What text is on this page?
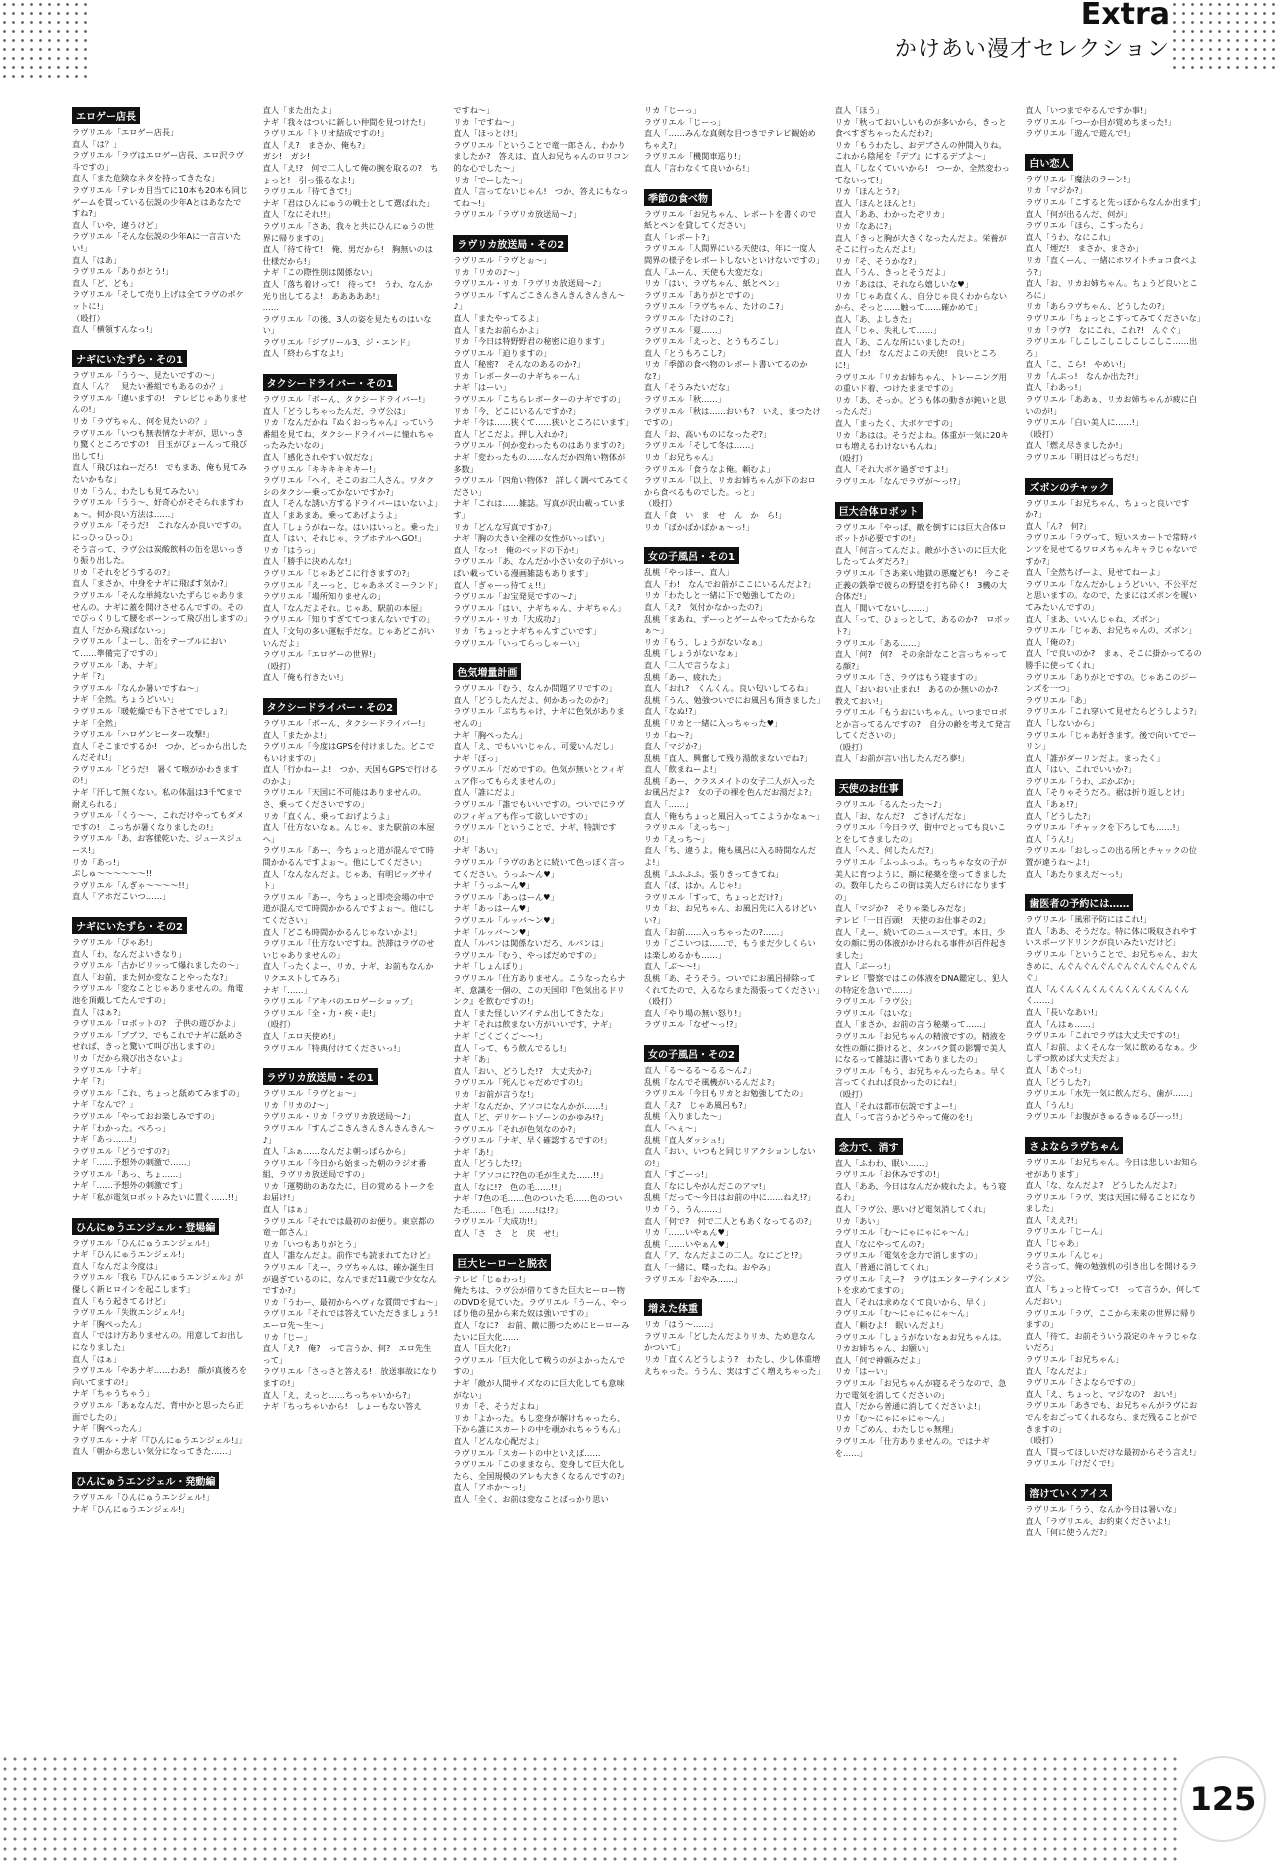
Extra
かけあい漫才セレクション
エロゲー店長
ラヴリエル「エロゲー店長」
直人「は？」
ラヴリエル「ラヴはエロゲー店長、エロ沢ラヴ斗ですの」
直人「また危険なネタを持ってきたな」
ラヴリエル「テレカ目当てに10本も20本も同じゲームを買っている伝説の少年Aとはあなたですね?」
直人「いや、違うけど」
ラヴリエル「そんな伝説の少年Aに一言言いたい!」
直人「はあ」
ラヴリエル「ありがとう!」
直人「ど、ども」
ラヴリエル「そして売り上げは全てラヴのポケットに!」
（殴打）
直人「横領すんなっ!」
ナギにいたずら・その1
ラヴリエル「うう～、見たいですの～」
直人「ん？　見たい番組でもあるのか？」
ラヴリエル「違いますの!　テレビじゃありませんの!」
リカ「ラヴちゃん、何を見たいの？」
ラヴリエル「いつも無表情なナギが、思いっきり驚くところですの!　目玉がぴょーんって飛び出して!」
直人「飛びはねーだろ!　でもまあ、俺も見てみたいかもな」
リカ「うん、わたしも見てみたい」
ラヴリエル「うう～、好奇心がそそられますわぁ～。何か良い方法は……」
ラヴリエル「そうだ!　これなんか良いですの。にっひっひっひ」
そう言って、ラヴ公は炭酸飲料の缶を思いっきり振り出した。
リカ「それをどうするの?」
直人「まさか、中身をナギに飛ばす気か?」
ラヴリエル「そんな単純ないたずらじゃありませんの。ナギに蓋を開けさせるんですの。そのでびっくりして腰をポーンって飛び出しますの」
直人「だから飛ばないっ」
ラヴリエル「よーし、缶をテーブルにおいて……準備完了ですの」
ラヴリエル「あ、ナギ」
ナギ「?」
ラヴリエル「なんか暑いですね～」
ナギ「全然。ちょうどいい」
ラヴリエル「暖乾燥でも下させてでしょ?」
ナギ「全然」
ラヴリエル「ハロゲンヒーター攻撃!」
直人「そこまでするか!　つか、どっから出したんだそれ!」
ラヴリエル「どうだ!　暑くて喉がかわきますの!」
ナギ「汗して無くない。私の体温は3千℃まで耐えられる」
ラヴリエル「くう～～、これだけやってもダメですの!　こっちが暑くなりましたの!」
ラヴリエル「あ、お客様乾いた、ジュースジュース!」
リカ「あっ!」
ぷしゅ～～～～～～!!
ラヴリエル「んぎゃ～～～～!!」
直人「アホだこいつ……」
ナギにいたずら・その2
ラヴリエル「ぴゃあ!」
直人「わ、なんだよいきなり」
ラヴリエル「古かビリッって爆れましたの～」
直人「お前、また何か変なことやったな?」
ラヴリエル「変なことじゃありませんの。角電池を頂戴してたんですの」
直人「はぁ?」
ラヴリエル「ロボットの?　子供の遊びかよ」
ラヴリエル「ププフ、でもこれでナギに舐めさせれば、きっと驚いて叫び出しますの」
リカ「だから飛び出さないよ」
ラヴリエル「ナギ」
ナギ「?」
ラヴリエル「これ、ちょっと舐めてみますの」
ナギ「なんで？」
ラヴリエル「やっておお楽しみですの」
ナギ「わかった。ぺろっ」
ナギ「あっ……!」
ラヴリエル「どうですの?」
ナギ「……予想外の刺激で……」
ラヴリエル「あっ、ちょ……」
ナギ「……予想外の刺激です」
ナギ「私が電気ロボットみたいに置く……!!」
ひんにゅうエンジェル・登場編
ラヴリエル「ひんにゅうエンジェル!」
ナギ「ひんにゅうエンジェル!」
直人「なんだよ今度は」
ラヴリエル「我ら『ひんにゅうエンジェル』が優しく新ヒロインを起こします」
直人「もう起きてるけど」
ラヴリエル「失敗エンジェル!」
ナギ「胸ぺったん」
直人「ではけ方ありませんの。用意してお出しになりました」
直人「はぁ」
ラヴリエル「やあナギ……わあ!　顔が真後ろを向いてますの!」
ナギ「ちゃうちゃう」
ラヴリエル「あぁなんだ、背中かと思ったら正面でしたの」
ナギ「胸ぺったん」
ラヴリエル・ナギ「『ひんにゅうエンジェル!』」
直人「朝から悲しい気分になってきた……」
ひんにゅうエンジェル・発動編
ラヴリエル「ひんにゅうエンジェル!」
ナギ「ひんにゅうエンジェル!」
直人「また出たよ」
ナギ「我々はついに新しい仲間を見つけた!」
ラヴリエル「トリオ結成ですの!」
直人「え?　まさか、俺も?」
ガシ!　ガシ!
直人「え!?　何で二人して俺の腕を取るの?　ちょっと!　引っ張るなよ!」
ラヴリエル「待てきて!」
ナギ「君はひんにゅうの戦士として選ばれた」
直人「なにそれ!!」
ラヴリエル「さあ、我々と共にひんにゅうの世界に帰りますの」
直人「待て待て!　俺、男だから!　胸無いのは仕様だから!」
ナギ「この際性別は関係ない」
直人「落ち着けって!　待って!　うわ、なんか光り出してるよ!　あああああ!」
……
ラヴリエル「の後、3人の姿を見たものはいない」
ラヴリエル「ジブリール3、ジ・エンド」
直人「終わらすなよ!」
タクシードライバー・その1
ラヴリエル「ボーん、タクシードライバー!」
直人「どうしちゃったんだ、ラヴ公は」
リカ「なんだかね『ぬくおっちゃん』っていう番組を見てね、タクシードライバーに憧れちゃったみたいなの」
直人「感化されやすい奴だな」
ラヴリエル「キキキキキキー!」
ラヴリエル「ヘイ、そこのお二人さん。ワタクシのタクシー乗ってかないですか?」
直人「そんな誘い方するドライバーはいないよ」
直人「まあまあ。乗ってあげようよ」
直人「しょうがねーな。はいはいっと。乗った」
直人「はい、それじゃ、ラブホテルへGO!」
リカ「はうっ」
直人「勝手に決めんな!」
ラヴリエル「じゃあどこに行きますの?」
ラヴリエル「えーっと、じゃあネズミーランド」
ラヴリエル「場所知りませんの」
直人「なんだよそれ。じゃあ、駅前の本屋」
ラヴリエル「知りすぎててつまんないですの」
直人「文句の多い運転手だな。じゃあどこがいいんだよ」
ラヴリエル「エロゲーの世界!」
（殴打）
直人「俺も行きたい!」
タクシードライバー・その2
ラヴリエル「ボーん、タクシードライバー!」
直人「またかよ!」
ラヴリエル「今度はGPSを付けました。どこでもいけますの」
直人「行かねーよ!　つか、天国もGPSで行けるのかよ」
ラヴリエル「天国に不可能はありませんの。さ、乗ってくださいですの」
リカ「直くん、乗っておげようよ」
直人「仕方ないなぁ。んじゃ、また駅前の本屋へ」
ラヴリエル「あー、今ちょっと道が混んでて時間かかるんですよぉ～。他にしてください」
直人「なんなんだよ。じゃあ、有明ビッグサイト」
ラヴリエル「あー、今ちょっと即売会場の中で道が混んでて時間かかるんですよぉ～。他にしてください」
直人「どこも時間かかるんじゃないかよ!」
ラヴリエル「仕方ないですね。渋滞はラヴのせいじゃありませんの」
直人「ったくよー、リカ、ナギ、お前もなんかリクエストしてみろ」
ナギ「……」
ラヴリエル「アキバのエロゲーショップ」
ラヴリエル「全・力・疾・走!」
（殴打）
直人「エロ天使め!」
ラヴリエル「特典付けてくださいっ!」
ラヴリカ放送局・その1
ラヴリエル「ラヴとぉ～」
リカ「リカの♪～」
ラヴリエル・リカ「ラヴリカ放送局～♪」
ラヴリエル「すんごこきんきんきんきんきん～♪」
直人「ふぁ……なんだよ朝っぱらから」
ラヴリエル「今日から始まった朝のラジオ番組、ラヴリカ放送局ですの」
リカ「運勢助のあなたに、目の覚めるトークをお届け!」
直人「はぁ」
ラヴリエル「それでは最初のお便り。東京都の竜一郎さん」
リカ「いつもありがとう」
直人「誰なんだよ。前作でも読まれてたけど」
ラヴリエル「えー、ラヴちゃんは、確か誕生日が過ぎているのに、なんでまだ11歳で少女なんですか?」
リカ「うわー、最初からヘヴィな質問ですね～」
ラヴリエル「それでは答えていただきましょう!　エーロ先～生～」
リカ「じー」
直人「え?　俺?　って言うか、何?　エロ先生って」
ラヴリエル「さっさと答える!　放送事故になりますの!」
直人「え、えっと……ちっちゃいから?」
ナギ「ちっちゃいから!　しょーもない答え
ですね～」
リカ「ですね～」
直人「ほっとけ!」
ラヴリエル「ということで竜一郎さん、わかりましたか?　答えは、直人お兄ちゃんのロリコン的な心でした～」
リカ「でーした～」
直人「言ってないじゃん!　つか、答えにもなってね～!」
ラヴリエル「ラヴリカ放送局～♪」
ラヴリカ放送局・その2
ラヴリエル「ラヴとぉ～」
リカ「リカの♪～」
ラヴリエル・リカ「ラヴリカ放送局～♪」
ラヴリエル「すんごこきんきんきんきんきん～♪」
直人「またやってるよ」
直人「またお前らかよ」
リカ「今日は特野野君の秘密に迫ります」
ラヴリエル「迫りますの」
直人「秘密?　そんなのあるのか?」
リカ「レポーターのナギちゃーん」
ナギ「はーい」
ラヴリエル「こちらレポーターのナギですの」
リカ「今、どこにいるんですか?」
ナギ「今は……狭くて……狭いところにいます」
直人「どこだよ。押し入れか?」
ラヴリエル「何か変わったものはありますの?」
ナギ「変わったもの……なんだか四角い物体が多数」
ラヴリエル「四角い物体?　詳しく調べてみてください」
ナギ「これは……雑誌。写真が沢山載っています」
リカ「どんな写真ですか?」
ナギ「胸の大きい全裸の女性がいっぱい」
直人「なっ!　俺のベッドの下か!」
ラヴリエル「あ、なんだか小さい女の子がいっぱい載っている漫画雑誌もあります」
直人「ぎゃーっ待てぇ!!」
ラヴリエル「お宝発見ですの～♪」
ラヴリエル「はい、ナギちゃん、ナギちゃん」
ラヴリエル・リカ「大成功♪」
リカ「ちょっとナギちゃんすごいです」
ラヴリエル「いってらっしゃーい」
色気増量計画
ラヴリエル「むう、なんか問題アリですの」
直人「どうしたんだよ、何かあったのか?」
ラヴリエル「ぷちちゃけ、ナギに色気がありませんの」
ナギ「胸ぺったん」
直人「え、でもいいじゃん、可愛いんだし」
ナギ「ぽっ」
ラヴリエル「だめですの。色気が無いとフィギュア作ってもらえませんの」
直人「誰にだよ」
ラヴリエル「誰でもいいですの。ついでにラヴのフィギュアも作って欲しいですの」
ラヴリエル「ということで、ナギ、特訓ですの!」
ナギ「あい」
ラヴリエル「ラヴのあとに続いて色っぽく言ってください。うっふ～ん♥」
ナギ「うっふ～ん♥」
ラヴリエル「あっはーん♥」
ナギ「あっはーん♥」
ラヴリエル「ルッパ～ン♥」
ナギ「ルッパ～ン♥」
直人「ルパンは関係ないだろ、ルパンは」
ラヴリエル「むう、やっぱだめですの」
ナギ「しょんぼり」
ラヴリエル「仕方ありません。こうなったらナギ、意識を一個の、この天国印『色気出るドリンク』を飲むですの!」
直人「また怪しいアイテム出してきたな」
ナギ「それは飲まない方がいいです、ナギ」
ナギ「ごくごくご～～!」
直人「って、もう飲んでるし!」
ナギ「あ」
直人「おい、どうした!?　大丈夫か?」
ラヴリエル「死んじゃだめですの!」
リカ「お前が言うな!」
ナギ「なんだか、アソコになんかが……!」
直人「ど、デリケートゾーンのかゆみ!?」
ラヴリエル「それが色気なのか?」
ラヴリエル「ナギ、早く確認するですの!」
ナギ「あ!」
直人「どうした!?」
ナギ「アソコに??色の毛が生えた……!!」
直人「なに!?　色の毛……!!」
ナギ「7色の毛……色のついた毛……色のついた毛……「色毛」……!は!?」
ラヴリエル「大成功!!」
直人「さ　さ　と　戻　せ!」
巨大ヒーローと脱衣
テレビ「じゅわっ!」
俺たちは、ラヴ公が借りてきた巨大ヒーロー物のDVDを見ていた。ラヴリエル「うーん、やっぱり他の星から来た奴は強いですの」
直人「なに?　お前、敵に勝つためにヒーローみたいに巨大化……
直人「巨大化?」
ラヴリエル「巨大化して戦うのがよかったんですの」
ナギ「敵が人間サイズなのに巨大化しても意味がない」
リカ「そ、そうだよね」
リカ「よかった。もし変身が解けちゃったら、下から誰にスカートの中を覗かれちゃうもん」
直人「どんな心配だよ」
ラヴリエル「スカートの中といえば……
ラヴリエル「このままなら、変身して巨大化したら、全国規模のアレも大きくなるんですの?」
直人「アホか～っ!」
直人「全く、お前は変なことばっかり思い
リカ「じーっ」
ラヴリエル「じーっ」
直人「……みんな真剣な目つきでテレビ観始めちゃえ?」
ラヴリエル「機関車巡り!」
直人「言わなくて良いから!」
季節の食べ物
ラヴリエル「お兄ちゃん、レポートを書くので紙とペンを貸してください」
直人「レポート?」
ラヴリエル「人間界にいる天使は、年に一度人間界の様子をレポートしないといけないですの」
直人「ふーん、天使も大変だな」
リカ「はい、ラヴちゃん、紙とペン」
ラヴリエル「ありがとですの」
ラヴリエル「ラヴちゃん、たけのこ?」
ラヴリエル「たけのこ?」
ラヴリエル「夏……」
ラヴリエル「えっと、とうもろこし」
直人「とうもろこし?」
リカ「季節の食べ物のレポート書いてるのかな?」
直人「そうみたいだな」
ラヴリエル「秋……」
ラヴリエル「秋は……おいも?　いえ、まつたけですの」
直人「お、高いものになったぞ?」
ラヴリエル「そして冬は……」
リカ「お兄ちゃん」
ラヴリエル「食うなよ俺。頼むよ」
ラヴリエル「以上、リカお姉ちゃんが下のおロから食べるものでした。っと」
（殴打）
直人「食　い　ま　せ　ん　か　ら!」
リカ「ばかばかばかぁ～っ!」
女の子風呂・その1
乱桃「やっほー、直人」
直人「わ!　なんでお前がここにいるんだよ?」
リカ「わたしと一緒に下で勉強してたの」
直人「え?　気付かなかったの?」
乱桃「まあね、ずーっとゲームやってたからなぁ～」
リカ「もう、しょうがないなぁ」
乱桃「しょうがないなぁ」
直人「二人で言うなよ」
乱桃「あー、疲れた」
直人「おれ?　くんくん。良い匂いしてるね」
乱桃「うん、勉強ついでにお風呂も頂きました」
直人「なぬ!?」
乱桃「リカと一緒に入っちゃった♥」
リカ「ね～?」
直人「マジか?」
乱桃「直人、興奮して残り湯飲まないでね?」
直人「飲まねーよ!」
乱桃「あー、クラスメイトの女子二人が入ったお風呂だよ?　女の子の裸を色んだお湯だよ?」
直人「……」
直人「俺もちょっと風呂入ってこようかなぁ～」
ラヴリエル「えっち～」
リカ「えっち～」
直人「ち、違うよ。俺も風呂に入る時間なんだよ!」
乱桃「ふふふふ。張りきってきてね」
直人「ぱ、はか。んじゃ!」
ラヴリエル「すって、ちょっとだけ?」
リカ「お、お兄ちゃん、お風呂先に入るけどいい?」
直人「お前……入っちゃったの?……」
リカ「ごこいつは……で、もうまだ少しくらいは楽しめるかも……」
直人「ぶ～～!」
乱桃「あ、そうそう。ついでにお風呂掃除ってくれてたので、入るならまた湯張ってください」
（殴打）
直人「やり場の無い怒り!」
ラヴリエル「なぜ～っ!?」
女の子風呂・その2
直人「る～るる～るる～ん♪」
乱桃「なんでそ風機がいるんだよ?」
ラヴリエル「今日もリカとお勉強してたの」
直人「え?　じゃあ風呂も?」
乱桃「入りました～」
直人「へぇ～」
乱桃「直人ダッシュ!」
直人「おい、いつもと同じリアクションしないの!」
直人「すごーっ!」
直人「なにしやがんだこのアマ!」
乱桃「だって～今日はお前の中に……ねえ!?」
リカ「う、うん……」
直人「何で?　何で二人ともあくなってるの?」
リカ「……いやぁん♥」
乱桃「……いやぁん♥」
直人「ア、なんだよこの二人。なにごと!?」
直人「一緒に、喋ったね。おやみ」
ラヴリエル「おやみ……」
増えた体重
リカ「はう～……」
ラヴリエル「どしたんだよりリカ、ため息なんかついて」
リカ「直くんどうしよう?　わたし、少し体重増えちゃった。ううん、実はすごく増えちゃった」
直人「ほう」
リカ「秋っておいしいものが多いから、きっと食べすぎちゃったんだわ?」
リカ「もうわたし、おデブさんの仲間入りね。これから陰尾を『デブ』にするデブよ～」
直人「しなくていいから!　つーか、全然変わってないって!」
リカ「ほんとう?」
直人「ほんとほんと!」
直人「ああ、わかったぞリカ」
リカ「なあに?」
直人「きっと胸が大きくなったんだよ。栄養がそこに行ったんだよ!」
リカ「そ、そうかな?」
直人「うん、きっとそうだよ」
リカ「あはは、それなら嬉しいな♥」
リカ「じゃあ直くん、自分じゃ良くわからないから、そっと……触って……確かめて」
直人「あ、よしきた」
直人「じゃ、失礼して……」
直人「あ、こんな所にいましたの!」
直人「わ!　なんだよこの天使!　良いところに!」
ラヴリエル「リカお姉ちゃん、トレーニング用の重いド着、つけたままですの」
リカ「あ、そっか。どうも体の動きが鈍いと思ったんだ」
直人「まったく、大ボケですの」
リカ「あはは。そうだよね。体重が一気に20キロも増えるわけないもんね」
（殴打）
直人「それ大ボケ過ぎですよ!」
ラヴリエル「なんでラヴが～っ!?」
巨大合体ロボット
ラヴリエル「やっぱ、敵を倒すには巨大合体ロボットが必要ですの!」
直人「何言ってんだよ。敵が小さいのに巨大化したってムダだろ?」
ラヴリエル「さあ来い地獄の悪魔ども!　今こそ正義の鉄拳で彼らの野望を打ち砕く!　3機の大合体だ!」
直人「聞いてないし……」
直人「って、ひょっとして、あるのか?　ロボット?」
ラヴリエル「ある……」
直人「何?　何?　その余計なこと言っちゃってる顔?」
ラヴリエル「さ、ラヴはもう寝ますの」
直人「おいおい止まれ!　あるのか無いのか?　教えておい!」
ラヴリエル「もうおにいちゃん。いつまでロボとか言ってるんですの?　自分の齢を考えて発言してくださいの」
（殴打）
直人「お前が言い出したんだろ夢!」
天使のお仕事
ラヴリエル「るんたった～♪」
直人「お、なんだ?　ごきげんだな」
ラヴリエル「今日ラヴ、街中でとっても良いことをしてきましたの」
直人「へえ、何したんだ?」
ラヴリエル「ふっふっふ。ちっちゃな女の子が美人に育つように、顔に秘薬を塗ってきましたの。数年したらこの街は美人だらけになりますの」
直人「マジか?　そりゃ楽しみだな」
テレビ「一日百頭!　天使のお仕事その2」
直人「えー、続いてのニュースです。本日、少女の顔に男の体液がかけられる事件が百件起きました」
直人「ぶーっ!」
テレビ「警察ではこの体液をDNA鑑定し、犯人の特定を急いで……」
ラヴリエル「ラヴ公」
ラヴリエル「はいな」
直人「まさか、お前の言う秘薬って……」
ラヴリエル「お兄ちゃんの精液ですの。精液を女性の顔に掛けると、タンパク質の影響で美人になるって雑誌に書いてありましたの」
ラヴリエル「もう、お兄ちゃんったらぁ。早く言ってくれれば良かったのにね!」
（殴打）
直人「それは都市伝説ですよー!」
直人「って言うかどうやって俺のを!」
念力で、消す
直人「ふわわ、眠い……」
ラヴリエル「お休みですの!」
直人「ああ、今日はなんだか疲れたよ。もう寝るわ」
直人「ラヴ公、悪いけど電気消してくれ」
リカ「あい」
ラヴリエル「む～にゃにゃにゃ～ん」
直人「なにやってんの?」
ラヴリエル「電気を念力で消しますの」
直人「普通に消してくれ」
ラヴリエル「えー?　ラヴはエンターテインメントを求めてますの」
直人「それは求めなくて良いから、早く」
ラヴリエル「む～にゃにゃにゃ～ん」
直人「頼むよ!　眠いんだよ!」
ラヴリエル「しょうがないなぁお兄ちゃんは。リカお姉ちゃん、お願い」
直人「何で神頼みだよ」
リカ「はーい」
ラヴリエル「お兄ちゃんが寝るそうなので、急力で電気を消してくださいの」
直人「だから普通に消してくださいよ!」
リカ「む～にゃにゃにゃ～ん」
リカ「ごめん、わたしじゃ無理」
ラヴリエル「仕方ありませんの。ではナギを……」
直人「いつまでやるんですか事!」
ラヴリエル「つーか目が覚めちまった!」
ラヴリエル「遊んで遊んで!」
白い恋人
ラヴリエル「魔法のラーン!」
リカ「マジか?」
ラヴリエル「こすると先っぽからなんか出ます」
直人「何が出るんだ、何が」
ラヴリエル「ほら、こすったら」
直人「うわ、なにこれ」
直人「煙だ!　まさか、まさか」
リカ「直くーん、一緒にホワイトチョコ食べよう?」
直人「お、リカお姉ちゃん。ちょうど良いところに」
リカ「あらラヴちゃん、どうしたの?」
ラヴリエル「ちょっとこすってみてくださいな」
リカ「ラヴ?　なにこれ、これ?!　んぐぐ」
ラヴリエル「しこしこしこしこしこしこ……出ろ」
直人「こ、こら!　やめい!」
リカ「んぷっ!　なんか出た?!」
直人「わあっ!」
ラヴリエル「ああぁ、リカお姉ちゃんが疲に白いのが!」
ラヴリエル「白い美人に……!」
（殴打）
直人「燃え尽きましたか!」
ラヴリエル「明日はどっちだ!」
ズボンのチャック
ラヴリエル「お兄ちゃん、ちょっと良いですか?」
直人「ん?　何?」
ラヴリエル「ラヴって、短いスカートで常時パンツを見せてるワロメちゃんキャラじゃないですか?」
直人「全然ちげーよ、見せてねーよ」
ラヴリエル「なんだかしょうどいい、不公平だと思いますの。なので、たまにはズボンを履いてみたいんですの」
直人「まあ、いいんじゃね、ズボン」
ラヴリエル「じゃあ、お兄ちゃんの、ズボン」
直人「俺の?」
直人「で良いのか?　まぁ、そこに掛かってるの勝手に使ってくれ」
ラヴリエル「ありがとですの。じゃあこのジーンズを一つ」
ラヴリエル「あ」
ラヴリエル「これ穿いて見せたらどうしよう?」
直人「しないから」
ラヴリエル「じゃあ好きます。後で向いてでーリン」
直人「誰がダーリンだよ。まったく」
直人「はい、これでいいか?」
ラヴリエル「うわ、ぶかぶか」
直人「そりゃそうだろ。裾は折り返しとけ」
直人「あぁ!?」
直人「どうした?」
ラヴリエル「チャックを下ろしても……!」
直人「うん!」
ラヴリエル「おしっこの出る所とチャックの位置が違うね～よ!」
直人「あたりまえだ～っ!」
歯医者の予約には……
ラヴリエル「風邪予防にはこれ!」
直人「ああ、そうだな。特に体に吸収されやすいスポーツドリンクが良いみたいだけど」
ラヴリエル「ということで、お兄ちゃん、お大きめに、んぐんぐんぐんぐんぐんぐんぐんぐんぐ」
直人「んくんくんくんくんくんくんくんくんく……」
直人「長いなあい!」
直人「んはぁ……」
ラヴリエル「これでラヴは大丈夫ですの!」
直人「お前、よくそんな一気に飲めるなぁ。少しずつ飲めば大丈夫だよ」
直人「あぐっ!」
直人「どうした?」
ラヴリエル「水先一気に飲んだら、歯が……」
直人「うん!」
ラヴリエル「お腹がきゅるきゅるびーっ!!」
さよならラヴちゃん
ラヴリエル「お兄ちゃん。今日は悲しいお知らせがあります」
直人「な、なんだよ?　どうしたんだよ?」
ラヴリエル「ラヴ、実は天国に帰ることになりました」
直人「ええ?!」
ラヴリエル「じーん」
直人「じゃあ」
ラヴリエル「んじゃ」
そう言って、俺の勉強机の引き出しを開けるラヴ公。
直人「ちょっと待てって!　って言うか、何してんだおい」
ラヴリエル「ラヴ、ここから未来の世界に帰りますの」
直人「待て、お前そういう設定のキャラじゃないだろ」
ラヴリエル「お兄ちゃん」
直人「なんだよ」
ラヴリエル「さよならですの」
直人「え、ちょっと、マジなの?　おい!」
ラヴリエル「あきでも、お兄ちゃんがラヴにおでんをおごってくれるなら、まだ残ることができますの」
（殴打）
直人「買ってほしいだけな最初からそう言え!」
ラヴリエル「けだくで!」
溶けていくアイス
ラヴリエル「うう、なんか今日は暑いな」
直人「ラヴリエル、お約束くださいよ!」
直人「何に使うんだ?」
125
